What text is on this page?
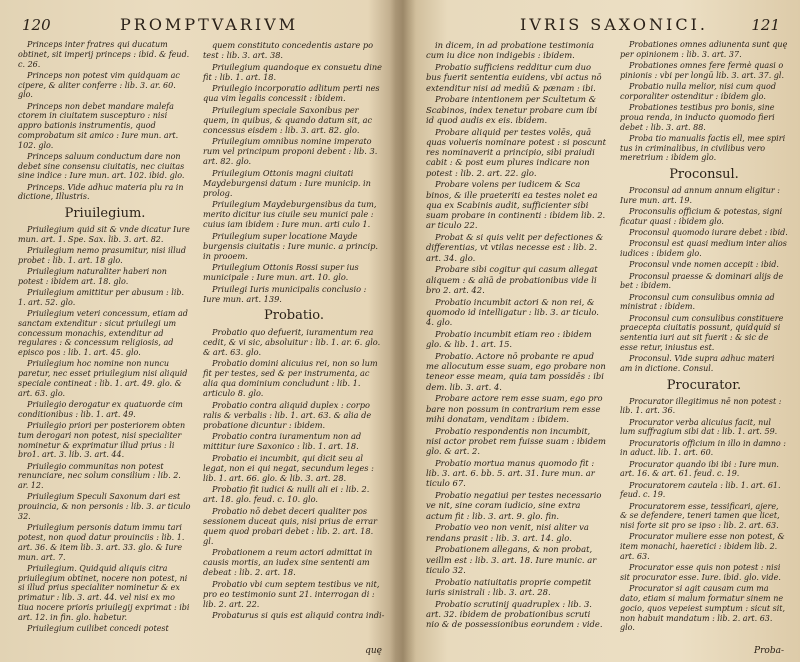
120	PROMPTVARIVM

Princeps inter fratres qui ducatum obtinet, sit imperij princeps : ibid. & feud. c. 26.

Princeps non potest vim quidquam ac cipere, & aliter conferre : lib. 3. ar. 60. glo.

Princeps non debet mandare malefa ctorem in ciuitatem suscepturo : nisi appro bationis instrumentis, quod comprobatum sit amico : Iure mun. art. 102. glo.

Princeps saluum conductum dare non debet sine consensu ciuitatis, nec ciuitas sine indice : Iure mun. art. 102. ibid. glo.

Princeps. Vide adhuc materia plu ra in dictione, Illustris.

Priuilegium.

Priuilegium quid sit & vnde dicatur Iure mun. art. 1. Spe. Sax. lib. 3. art. 82.

Priuilegium nemo prasumitur, nisi illud probet : lib. 1. art. 18 glo.

Priuilegium naturaliter haberi non potest : ibidem art. 18. glo.

Priuilegium amittitur per abusum : lib. 1. art. 52. glo.

Priuilegium veteri concessum, etiam ad sanctam extenditur : sicut priuilegi um concessum monachis, extenditur ad regulares : & concessum religiosis, ad episco pos : lib. 1. art. 45. glo.

Priuilegium hoc nomine non nuncu paretur, nec esset priuilegium nisi aliquid speciale contineat : lib. 1. art. 49. glo. & art. 63. glo.

Priuilegio derogatur ex quatuorde cim conditionibus : lib. 1. art. 49.

Priuilegio priori per posteriorem obten tum derogari non potest, nisi specialiter nominetur & exprimatur illud prius : li bro1. art. 3. lib. 3. art. 44.

Priuilegio communitas non potest renunciare, nec solum consilium : lib. 2. ar. 12.

Priuilegium Speculi Saxonum dari est prouincia, & non personis : lib. 3. ar ticulo 32.

Priuilegium personis datum immu tari potest, non quod datur prouinciis : lib. 1. art. 36. & item lib. 3. art. 33. glo. & Iure mun. art. 7.

Priuilegium. Quidquid aliquis citra priuilegium obtinet, nocere non potest, ni si illud prius specialiter nominetur & ex primatur : lib. 3. art. 44. vel nisi ex mo tiua nocere prioris priuilegij exprimat : ibi art. 12. in fin. glo. habetur.

Priuilegium cuilibet concedi potest

quem constituto concedentis astare po test : lib. 3. art. 38.

Priuilegium quandoque ex consuetu dine fit : lib. 1. art. 18.

Priuilegio incorporatio adlitum perti nes qua vim legalis concessit : ibidem.

Priuilegium speciale Saxonibus per quem, in quibus, & quando datum sit, ac concessus eisdem : lib. 3. art. 82. glo.

Priuilegium omnibus nomine imperato rum vel principum proponi debent : lib. 3. art. 82. glo.

Priuilegium Ottonis magni ciuitati Maydeburgensi datum : Iure municip. in prolog.

Priuilegium Maydeburgensibus da tum, merito dicitur ius ciuile seu munici pale : cuius iam ibidem : Iure mun. arti culo 1.

Priuilegium super locatione Mayde burgensis ciuitatis : Iure munic. a princip. in prooem.

Priuilegium Ottonis Rossi super ius municipale : Iure mun. art. 10. glo.

Priuilegi Iuris municipalis conclusio : Iure mun. art. 139.

Probatio.

Probatio quo defuerit, iuramentum rea cedit, & vi sic, absoluitur : lib. 1. ar. 6. glo. & art. 63. glo.

Probatio domini alicuius rei, non so lum fit per testes, sed & per instrumenta, ac alia qua dominium concludunt : lib. 1. articulo 8. glo.

Probatio contra aliquid duplex : corpo ralis & verbalis : lib. 1. art. 63. & alia de probatione dicuntur : ibidem.

Probatio contra iuramentum non ad mittitur iure Saxonico : lib. 1. art. 18.

Probatio ei incumbit, qui dicit seu al legat, non ei qui negat, secundum leges : lib. 1. art. 66. glo. & lib. 3. art. 28.

Probatio fit iudici & nulli ali ei : lib. 2. art. 18. glo. feud. c. 10. glo.

Probatio nō debet deceri qualiter pos sessionem duceat quis, nisi prius de errar quem quod probari debet : lib. 2. art. 18. gl.

Probationem a reum actori admittat in causis mortis, an iudex sine sententi am debeat : lib. 2. art. 18.

Probatio vbi cum septem testibus ve nit, pro eo testimonio sunt 21. interrogan di : lib. 2. art. 22.

Probaturus si quis est aliquid contra indi-

quę
IVRIS SAXONICI.	121

in dicem, in ad probatione testimonia cum iu dice non indigebis : ibidem.

Probatio sufficiens redditur cum duo bus fuerit sententia euidens, vbi actus nō extenditur nisi ad mediū & pænam : ibi.

Probare intentionem per Scultetum & Scabinos, index tenetur probare cum ibi id quod audis ex eis. ibidem.

Probare aliquid per testes volēs, quā quas volueris nominare potest : si poscunt res nominaverit a principio, sibi praiudi cabit : & post eum plures indicare non potest : lib. 2. art. 22. glo.

Probare volens per iudicem & Sca binos, & ille praeteriti ea testes nolet ea qua ex Scabinis audit, sufficienter sibi suam probare in continenti : ibidem lib. 2. ar ticulo 22.

Probat & si quis velit per defectiones & differentias, vt vtilas necesse est : lib. 2. art. 34. glo.

Probare sibi cogitur qui casum allegat aliquem : & aliā de probationibus vide li bro 2. art. 42.

Probatio incumbit actori & non rei, & quomodo id intelligatur : lib. 3. ar ticulo. 4. glo.

Probatio incumbit etiam reo : ibidem glo. & lib. 1. art. 15.

Probatio. Actore nō probante re apud me allocutum esse suam, ego probare non teneor esse meam, quia tam possidēs : ibi dem. lib. 3. art. 4.

Probare actore rem esse suam, ego pro bare non possum in contrarium rem esse mihi donatam, venditam : ibidem.

Probatio respondentis non incumbit, nisi actor probet rem fuisse suam : ibidem glo. & art. 2.

Probatio mortua manus quomodo fit : lib. 3. art. 6. bb. 5. art. 31. Iure mun. ar ticulo 67.

Probatio negatiui per testes necessario ve nit, sine coram iudicio, sine extra actum fit : lib. 3. art. 9. glo. fin.

Probatio veo non venit, nisi aliter va rendans prasit : lib. 3. art. 14. glo.

Probationem allegans, & non probat, veillm est : lib. 3. art. 18. Iure munic. ar ticulo 32.

Probatio natiuitatis proprie competit iuris sinistrali : lib. 3. art. 28.

Probatio scrutinij quadruplex : lib. 3. art. 32. ibidem de probationibus scruti nio & de possessionibus eorundem : vide.

Probationes omnes adiunenta sunt quę per opinionem : lib. 3. art. 37.

Probationes omnes fere fermè quasi o pinionis : vbi per longū lib. 3. art. 37. gl.

Probatio nulla melior, nisi cum quod corporaliter ostenditur : ibidem glo.

Probationes testibus pro bonis, sine proua renda, in inducto quomodo fieri debet : lib. 3. art. 88.

Proba tio manualis factis ell, mee spiri tus in criminalibus, in civilibus vero meretrium : ibidem glo.

Proconsul.

Proconsul ad annum annum eligitur : Iure mun. art. 19.

Proconsulis officium & potestas, signi ficatur quasi : ibidem glo.

Proconsul quomodo iurare debet : ibid.

Proconsul est quasi medium inter alios iudices : ibidem glo.

Proconsul vnde nomen accepit : ibid.

Proconsul praesse & dominari alijs de bet : ibidem.

Proconsul cum consulibus omnia ad ministrat : ibidem.

Proconsul cum consulibus constituere praecepta ciuitatis possunt, quidquid si sententia iuri aut sit fuerit : & sic de esse retur, iniustus est.

Proconsul. Vide supra adhuc materi am in dictione. Consul.

Procurator.

Procurator illegitimus nē non potest : lib. 1. art. 36.

Procurator verba alicuius facit, nul lum suffragium sibi dat : lib. 1. art. 59.

Procuratoris officium in illo in damno : in aduct. lib. 1. art. 60.

Procurator quando ibi ibi : Iure mun. art. 16. & art. 61. feud. c. 19.

Procuratorem cautela : lib. 1. art. 61. feud. c. 19.

Procuratorem esse, tessificari, ajere, & se defendere, teneri tamen que licet, nisi forte sit pro se ipso : lib. 2. art. 63.

Procurator muliere esse non potest, & item monachi, haeretici : ibidem lib. 2. art. 63.

Procurator esse quis non potest : nisi sit procurator esse. Iure. ibid. glo. vide.

Procurator si agit causam cum ma dato, etiam si malum formatur sinem ne gocio, quos vepeiest sumptum : sicut sit, non habuit mandatum : lib. 2. art. 63. glo.

Proba-
